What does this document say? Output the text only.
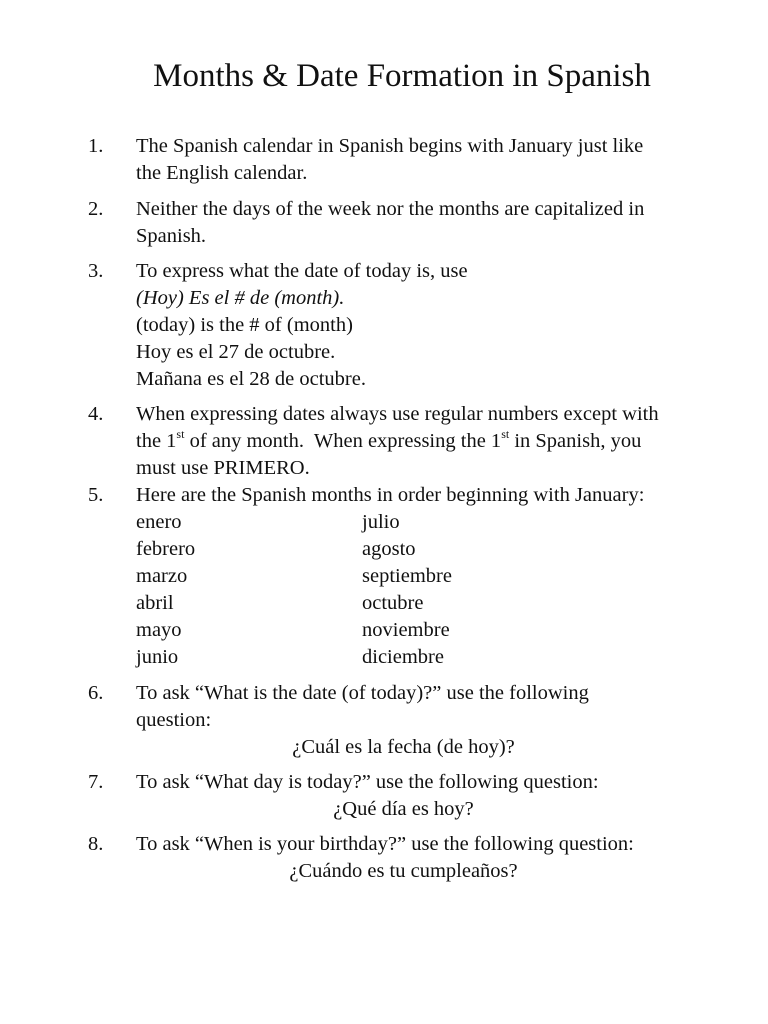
Months & Date Formation in Spanish
1. The Spanish calendar in Spanish begins with January just like
the English calendar.
2. Neither the days of the week nor the months are capitalized in
Spanish.
3. To express what the date of today is, use
(Hoy) Es el # de (month).
(today) is the # of (month)
Hoy es el 27 de octubre.
Mañana es el 28 de octubre.
4. When expressing dates always use regular numbers except with
the 1st of any month.  When expressing the 1st in Spanish, you
must use PRIMERO.
5. Here are the Spanish months in order beginning with January:
enero
febrero
marzo
abril
mayo
junio
julio
agosto
septiembre
octubre
noviembre
diciembre
6. To ask “What is the date (of today)?” use the following
question:
¿Cuál es la fecha (de hoy)?
7. To ask “What day is today?” use the following question:
¿Qué día es hoy?
8. To ask “When is your birthday?” use the following question:
¿Cuándo es tu cumpleaños?
